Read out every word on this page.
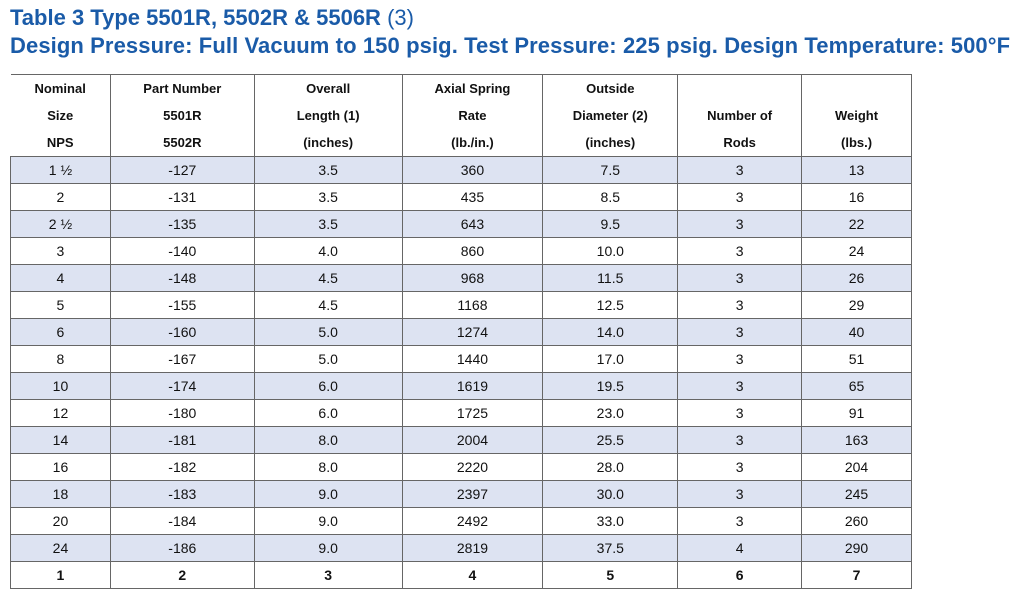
Table 3 Type 5501R, 5502R & 5506R (3)
Design Pressure: Full Vacuum to 150 psig. Test Pressure: 225 psig. Design Temperature: 500°F
Nominal	Part Number	Overall	Axial Spring	Outside		
Size	5501R	Length (1)	Rate	Diameter (2)	Number of	Weight
NPS	5502R	(inches)	(lb./in.)	(inches)	Rods	(lbs.)
1 ½	-127	3.5	360	7.5	3	13
2	-131	3.5	435	8.5	3	16
2 ½	-135	3.5	643	9.5	3	22
3	-140	4.0	860	10.0	3	24
4	-148	4.5	968	11.5	3	26
5	-155	4.5	1168	12.5	3	29
6	-160	5.0	1274	14.0	3	40
8	-167	5.0	1440	17.0	3	51
10	-174	6.0	1619	19.5	3	65
12	-180	6.0	1725	23.0	3	91
14	-181	8.0	2004	25.5	3	163
16	-182	8.0	2220	28.0	3	204
18	-183	9.0	2397	30.0	3	245
20	-184	9.0	2492	33.0	3	260
24	-186	9.0	2819	37.5	4	290
1	2	3	4	5	6	7
